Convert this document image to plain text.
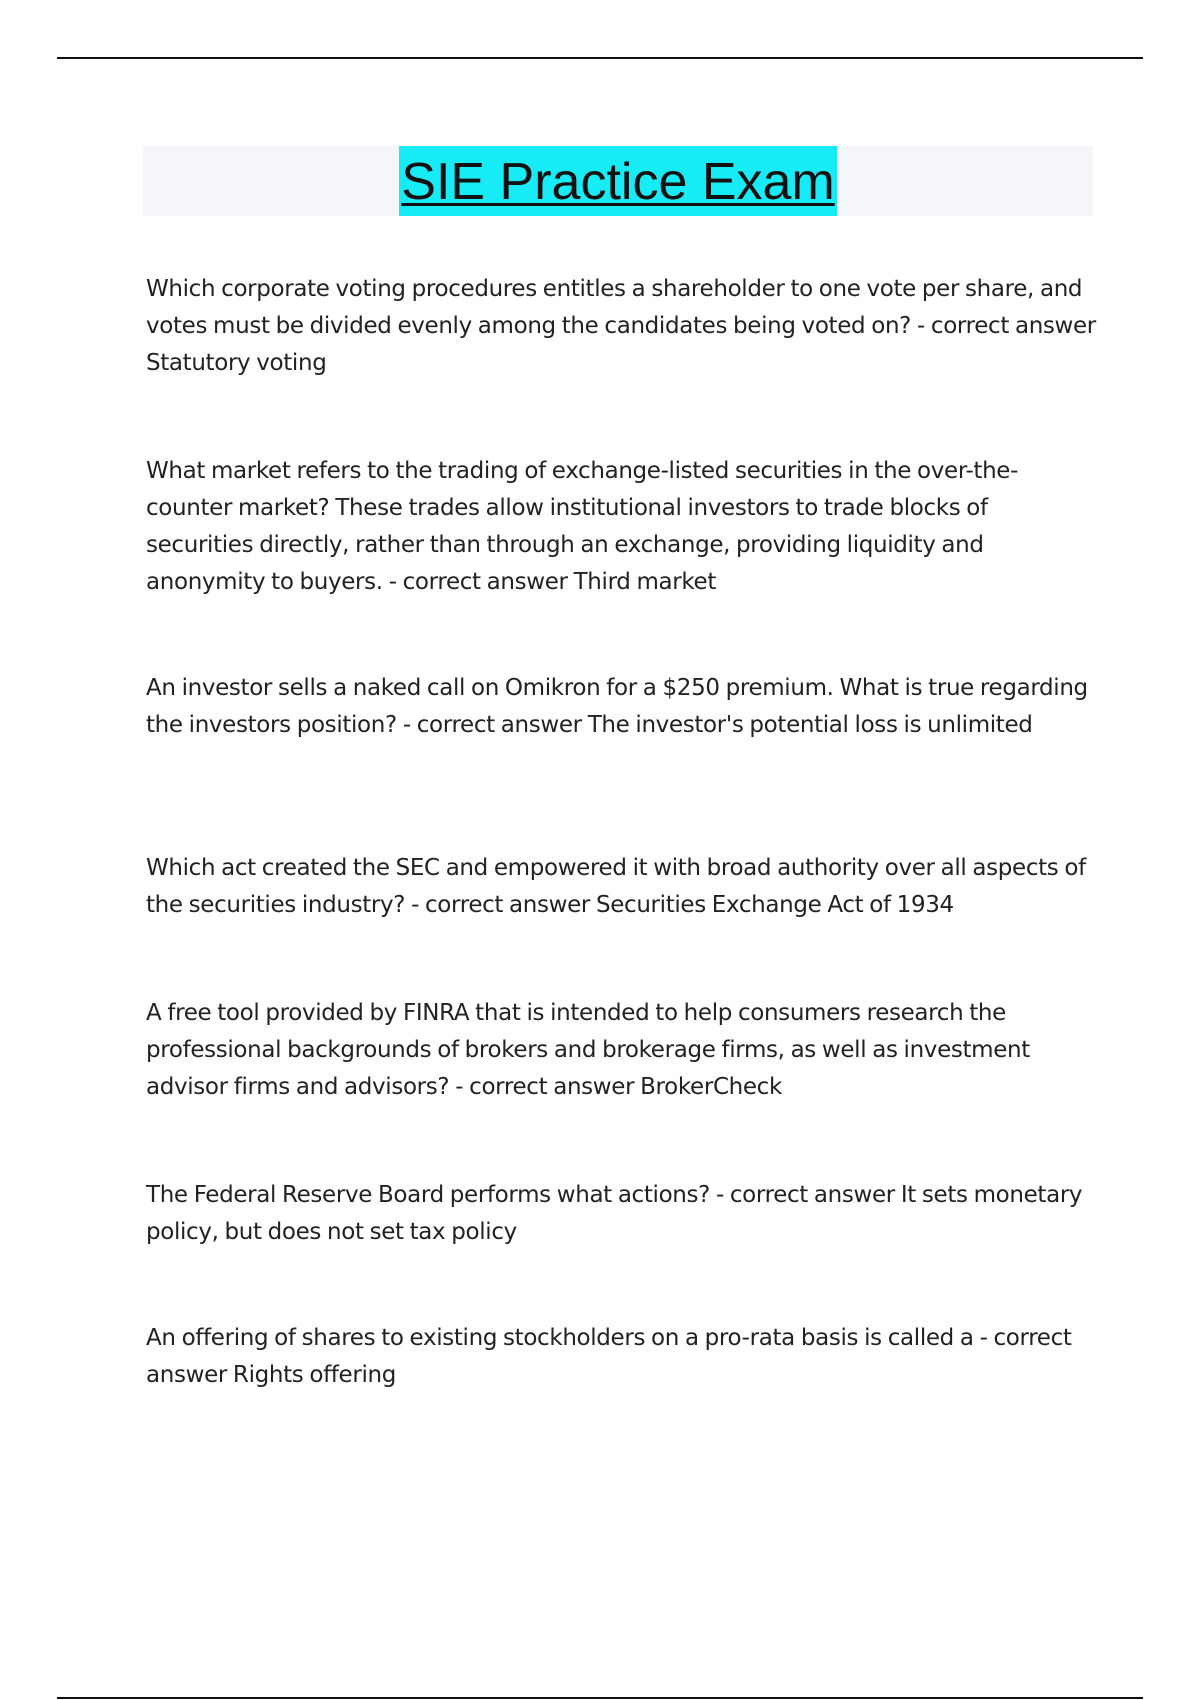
SIE Practice Exam

Which corporate voting procedures entitles a shareholder to one vote per share, and votes must be divided evenly among the candidates being voted on? - correct answer Statutory voting

What market refers to the trading of exchange-listed securities in the over-the-counter market? These trades allow institutional investors to trade blocks of securities directly, rather than through an exchange, providing liquidity and anonymity to buyers. - correct answer Third market

An investor sells a naked call on Omikron for a $250 premium. What is true regarding the investors position? - correct answer The investor's potential loss is unlimited

Which act created the SEC and empowered it with broad authority over all aspects of the securities industry? - correct answer Securities Exchange Act of 1934

A free tool provided by FINRA that is intended to help consumers research the professional backgrounds of brokers and brokerage firms, as well as investment advisor firms and advisors? - correct answer BrokerCheck

The Federal Reserve Board performs what actions? - correct answer It sets monetary policy, but does not set tax policy

An offering of shares to existing stockholders on a pro-rata basis is called a - correct answer Rights offering
